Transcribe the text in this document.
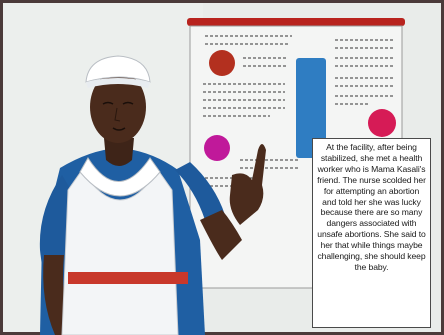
At the facility, after being stabilized, she met a health worker who is Mama Kasali's friend. The nurse scolded her for attempting an abortion and told her she was lucky because there are so many dangers associated with unsafe abortions. She said to her that while things maybe challenging, she should keep the baby.
